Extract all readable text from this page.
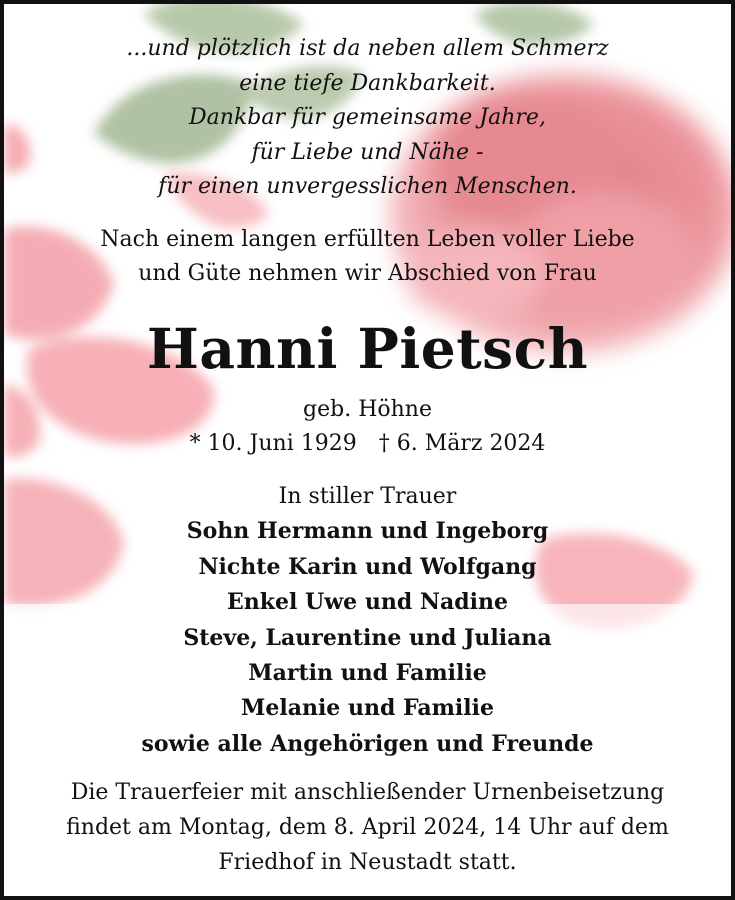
...und plötzlich ist da neben allem Schmerz
eine tiefe Dankbarkeit.
Dankbar für gemeinsame Jahre,
für Liebe und Nähe -
für einen unvergesslichen Menschen.
Nach einem langen erfüllten Leben voller Liebe
und Güte nehmen wir Abschied von Frau
Hanni Pietsch
geb. Höhne
* 10. Juni 1929 † 6. März 2024
In stiller Trauer
Sohn Hermann und Ingeborg
Nichte Karin und Wolfgang
Enkel Uwe und Nadine
Steve, Laurentine und Juliana
Martin und Familie
Melanie und Familie
sowie alle Angehörigen und Freunde
Die Trauerfeier mit anschließender Urnenbeisetzung
findet am Montag, dem 8. April 2024, 14 Uhr auf dem
Friedhof in Neustadt statt.
